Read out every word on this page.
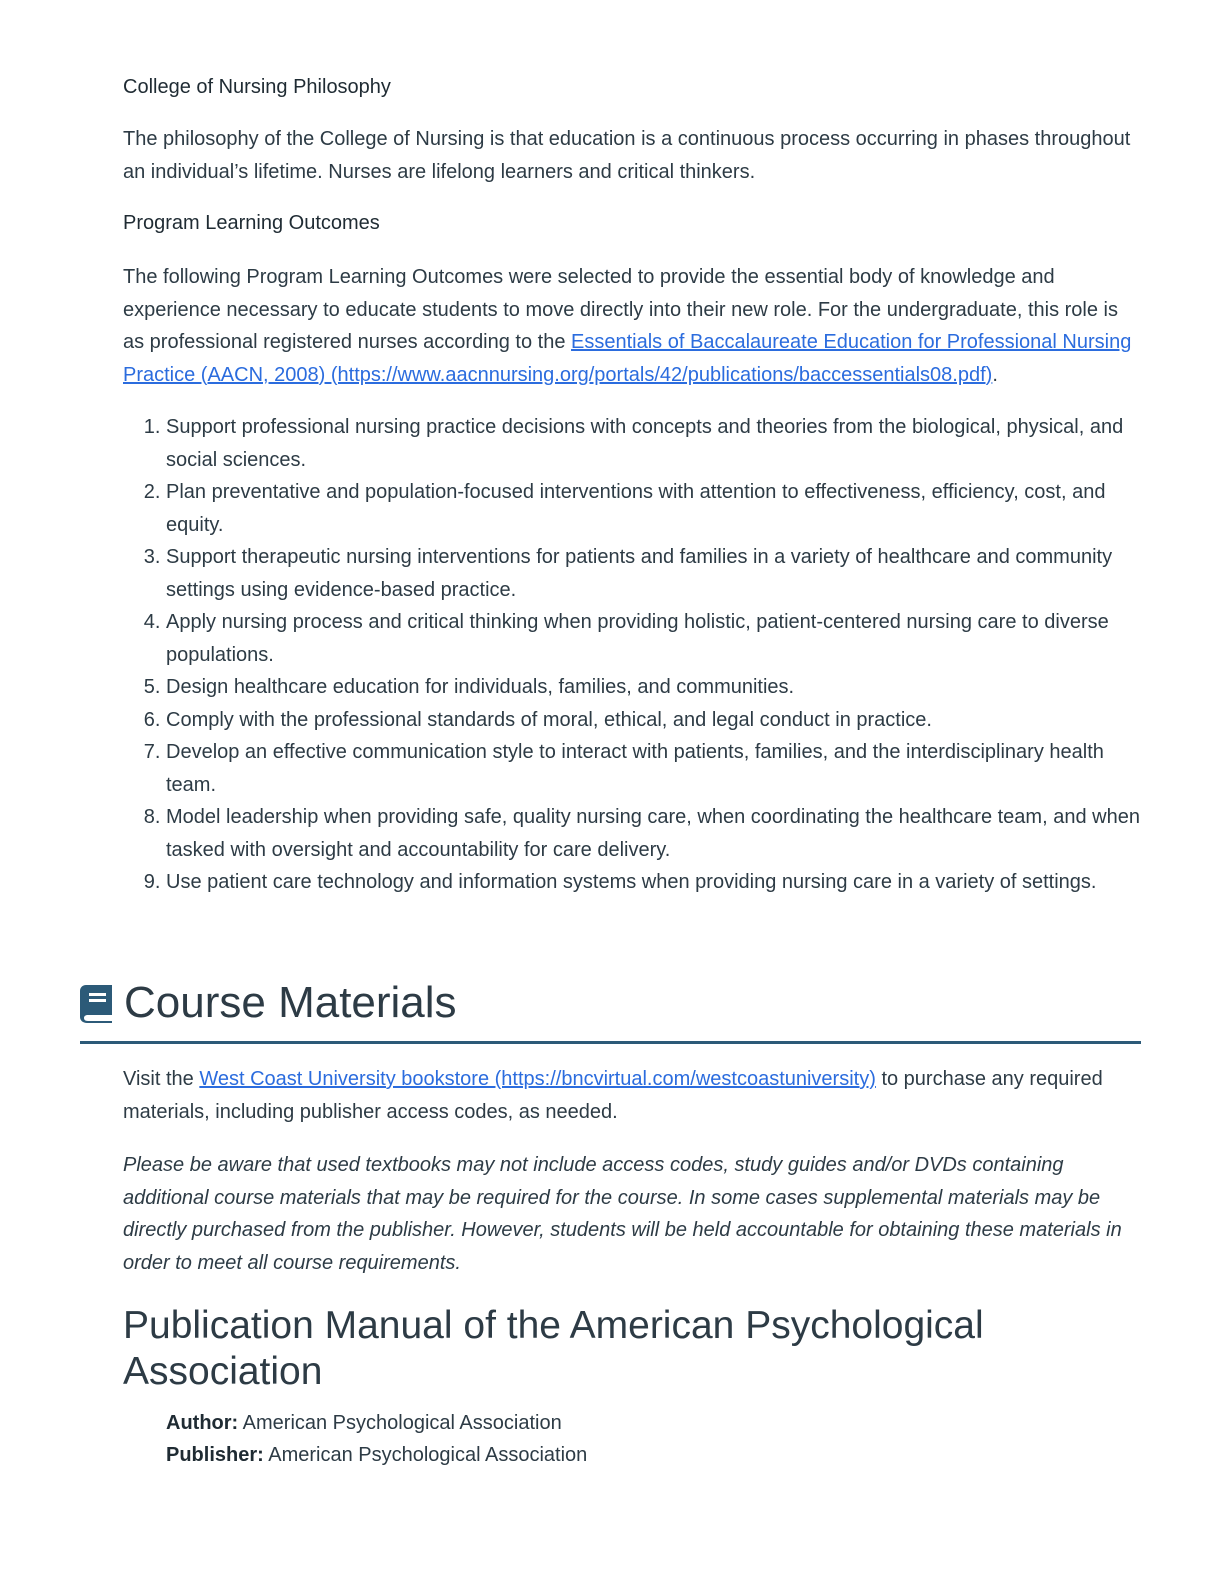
College of Nursing Philosophy

The philosophy of the College of Nursing is that education is a continuous process occurring in phases throughout an individual’s lifetime. Nurses are lifelong learners and critical thinkers.

Program Learning Outcomes

The following Program Learning Outcomes were selected to provide the essential body of knowledge and experience necessary to educate students to move directly into their new role. For the undergraduate, this role is as professional registered nurses according to the Essentials of Baccalaureate Education for Professional Nursing Practice (AACN, 2008) (https://www.aacnnursing.org/portals/42/publications/baccessentials08.pdf).

1. Support professional nursing practice decisions with concepts and theories from the biological, physical, and social sciences.
2. Plan preventative and population-focused interventions with attention to effectiveness, efficiency, cost, and equity.
3. Support therapeutic nursing interventions for patients and families in a variety of healthcare and community settings using evidence-based practice.
4. Apply nursing process and critical thinking when providing holistic, patient-centered nursing care to diverse populations.
5. Design healthcare education for individuals, families, and communities.
6. Comply with the professional standards of moral, ethical, and legal conduct in practice.
7. Develop an effective communication style to interact with patients, families, and the interdisciplinary health team.
8. Model leadership when providing safe, quality nursing care, when coordinating the healthcare team, and when tasked with oversight and accountability for care delivery.
9. Use patient care technology and information systems when providing nursing care in a variety of settings.
Course Materials

Visit the West Coast University bookstore (https://bncvirtual.com/westcoastuniversity) to purchase any required materials, including publisher access codes, as needed.

Please be aware that used textbooks may not include access codes, study guides and/or DVDs containing additional course materials that may be required for the course. In some cases supplemental materials may be directly purchased from the publisher. However, students will be held accountable for obtaining these materials in order to meet all course requirements.

Publication Manual of the American Psychological Association
Author: American Psychological Association
Publisher: American Psychological Association
